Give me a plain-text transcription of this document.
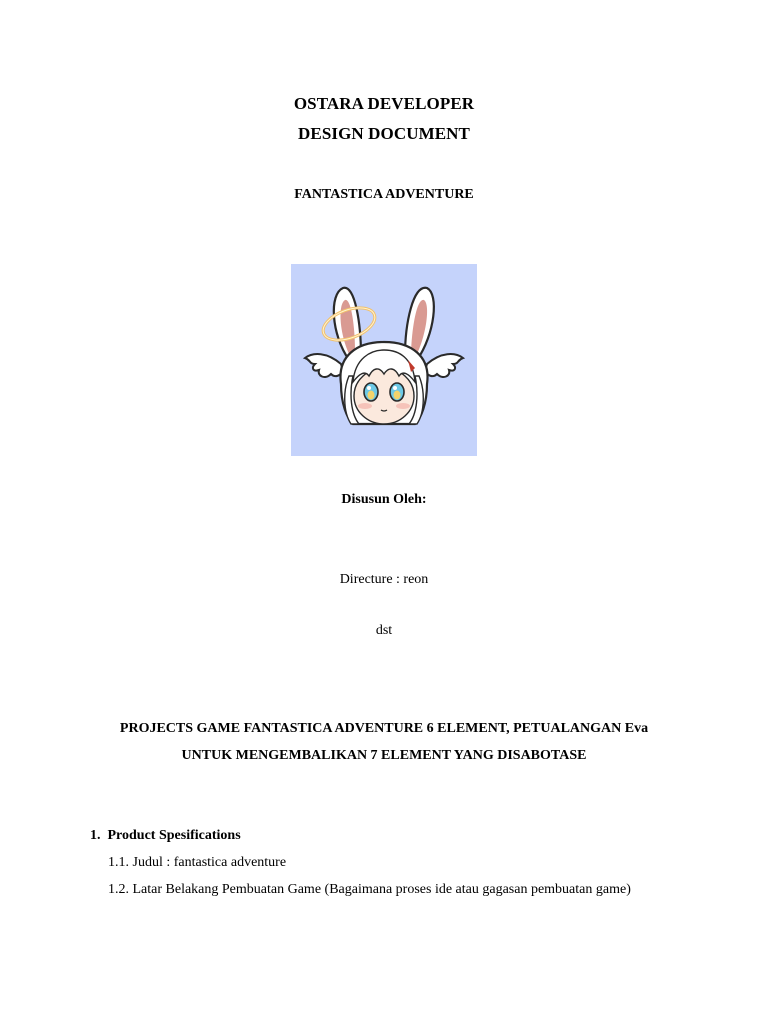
OSTARA DEVELOPER
DESIGN DOCUMENT
FANTASTICA ADVENTURE
Disusun Oleh:
Directure : reon
dst
PROJECTS GAME FANTASTICA ADVENTURE 6 ELEMENT, PETUALANGAN Eva
UNTUK MENGEMBALIKAN 7 ELEMENT YANG DISABOTASE
1. Product Spesifications
1.1. Judul : fantastica adventure
1.2. Latar Belakang Pembuatan Game (Bagaimana proses ide atau gagasan pembuatan game)
